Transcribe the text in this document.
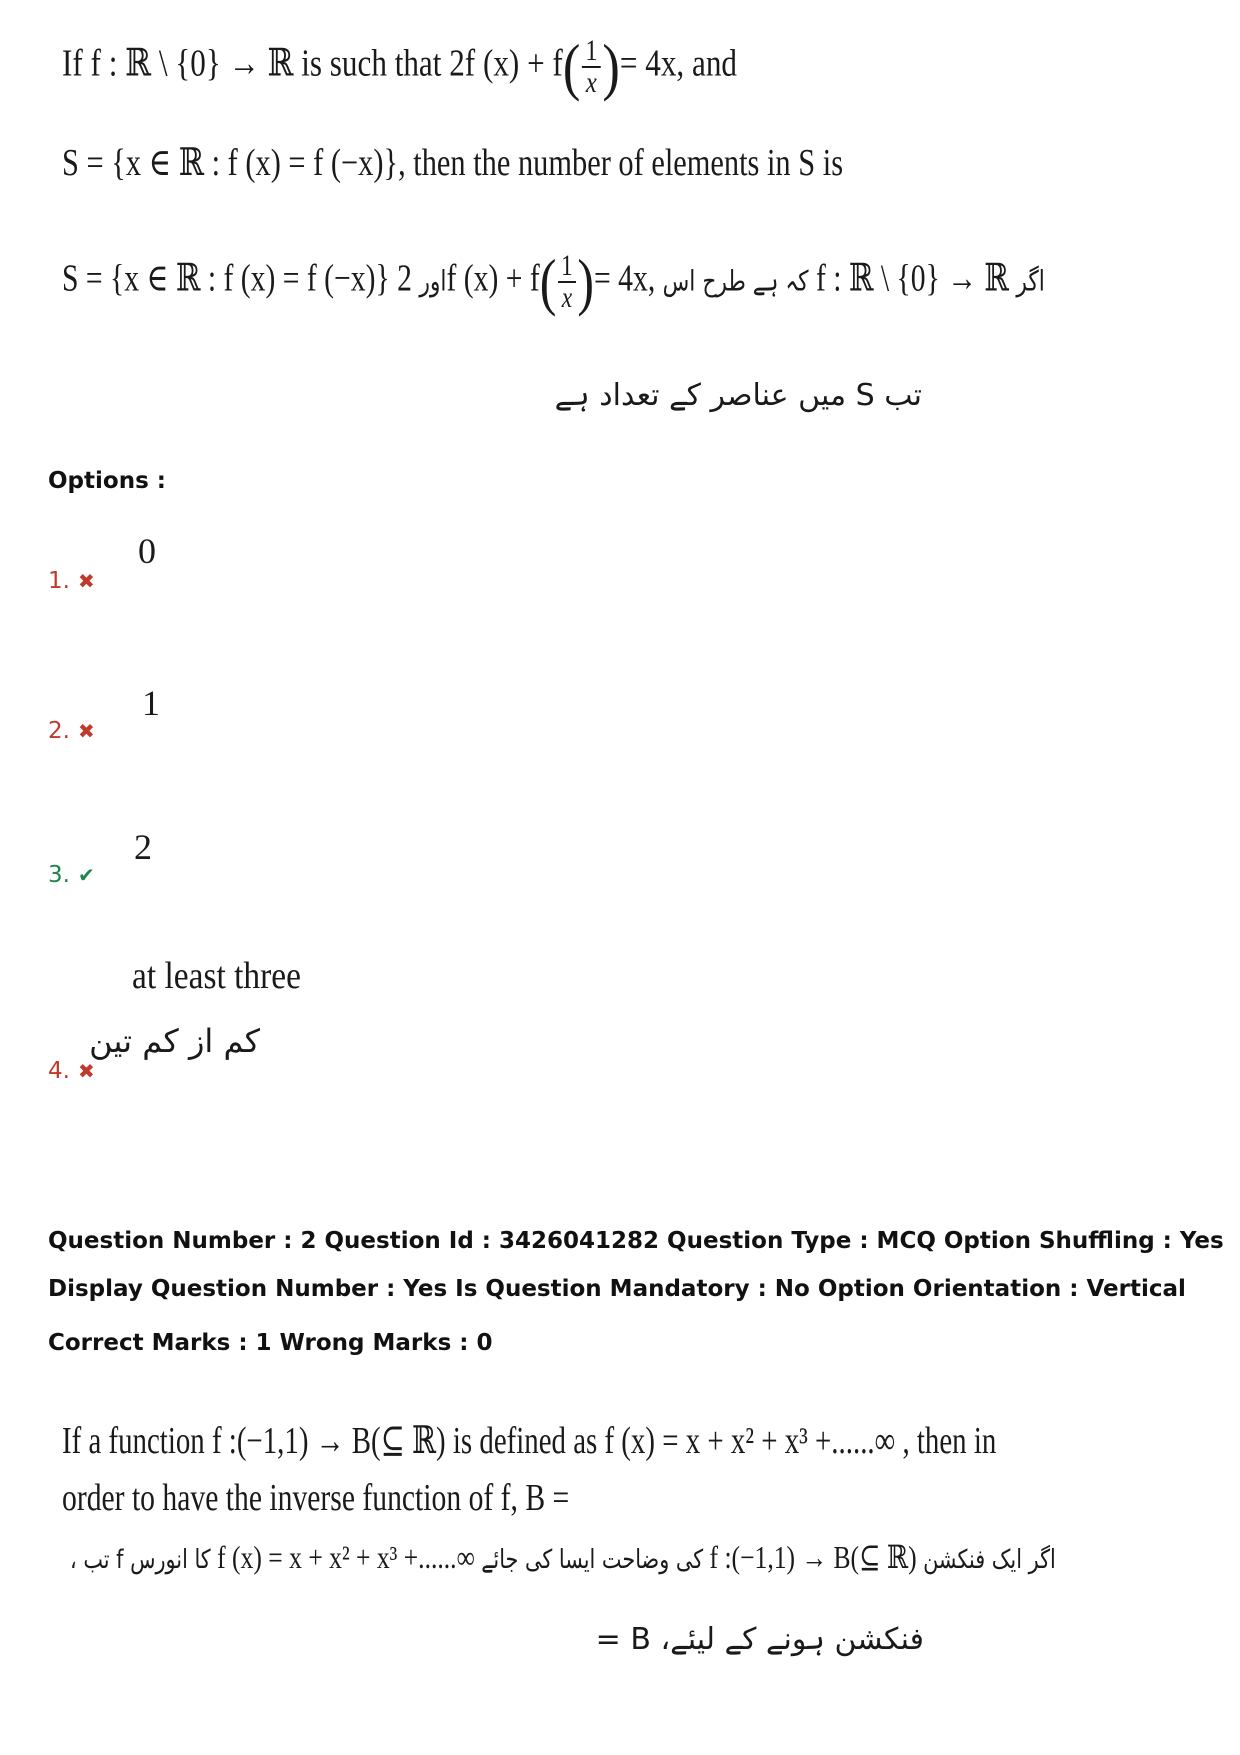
If f : ℝ \ {0} → ℝ is such that 2f $(x) + f( \frac{1}{x}$ )= 4x, and
S = {x ∈ ℝ : f (x) = f (−x)}, then the number of elements in S is
S = {x ∈ ℝ : f (x) = f (−x)} اور 2f $(x) + f( \frac{1}{x}$ )= 4x, کہ ہے طرح اس f : ℝ \ {0} → ℝ اگر
تب S میں عناصر کے تعداد ہے
Options :
0
1. ✖
1
2. ✖
2
3. ✔
at least three
کم از کم تین
4. ✖
Question Number : 2 Question Id : 3426041282 Question Type : MCQ Option Shuffling : Yes
Display Question Number : Yes Is Question Mandatory : No Option Orientation : Vertical
Correct Marks : 1 Wrong Marks : 0
If a function f :(−1,1) → B(⊆ ℝ) is defined as f (x) = x + x² + x³ +......∞ , then in
order to have the inverse function of f, B =
، تب f کا انورس f (x) = x + x² + x³ +......∞ کی وضاحت ایسا کی جائے f :(−1,1) → B(⊆ ℝ) اگر ایک فنکشن
فنکشن ہونے کے لیئے، B =
